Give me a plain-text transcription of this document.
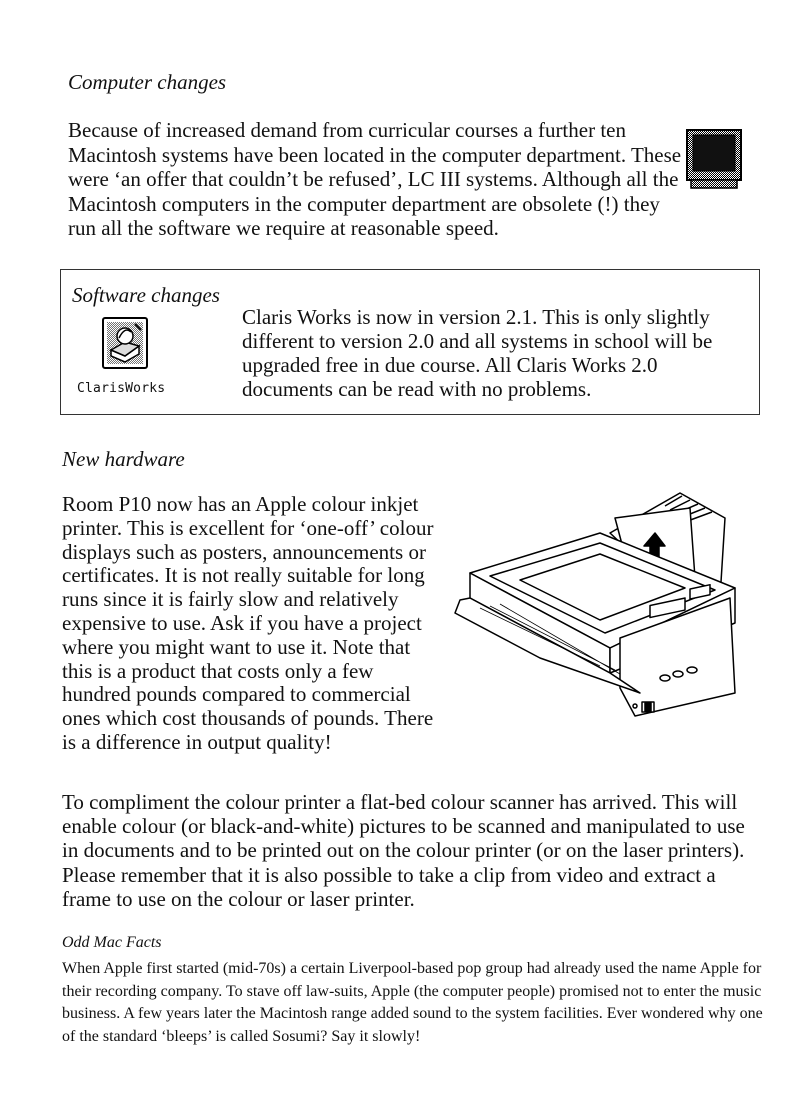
Computer changes

Because of increased demand from curricular courses a further ten Macintosh systems have been located in the computer department. These were ‘an offer that couldn’t be refused’, LC III systems. Although all the Macintosh computers in the computer department are obsolete (!) they run all the software we require at reasonable speed.

Software changes
ClarisWorks

Claris Works is now in version 2.1. This is only slightly different to version 2.0 and all systems in school will be upgraded free in due course. All Claris Works 2.0 documents can be read with no problems.

New hardware

Room P10 now has an Apple colour inkjet printer. This is excellent for ‘one-off’ colour displays such as posters, announcements or certificates. It is not really suitable for long runs since it is fairly slow and relatively expensive to use. Ask if you have a project where you might want to use it. Note that this is a product that costs only a few hundred pounds compared to commercial ones which cost thousands of pounds. There is a difference in output quality!

To compliment the colour printer a flat-bed colour scanner has arrived. This will enable colour (or black-and-white) pictures to be scanned and manipulated to use in documents and to be printed out on the colour printer (or on the laser printers). Please remember that it is also possible to take a clip from video and extract a frame to use on the colour or laser printer.

Odd Mac Facts

When Apple first started (mid-70s) a certain Liverpool-based pop group had already used the name Apple for their recording company. To stave off law-suits, Apple (the computer people) promised not to enter the music business. A few years later the Macintosh range added sound to the system facilities. Ever wondered why one of the standard ‘bleeps’ is called Sosumi? Say it slowly!
